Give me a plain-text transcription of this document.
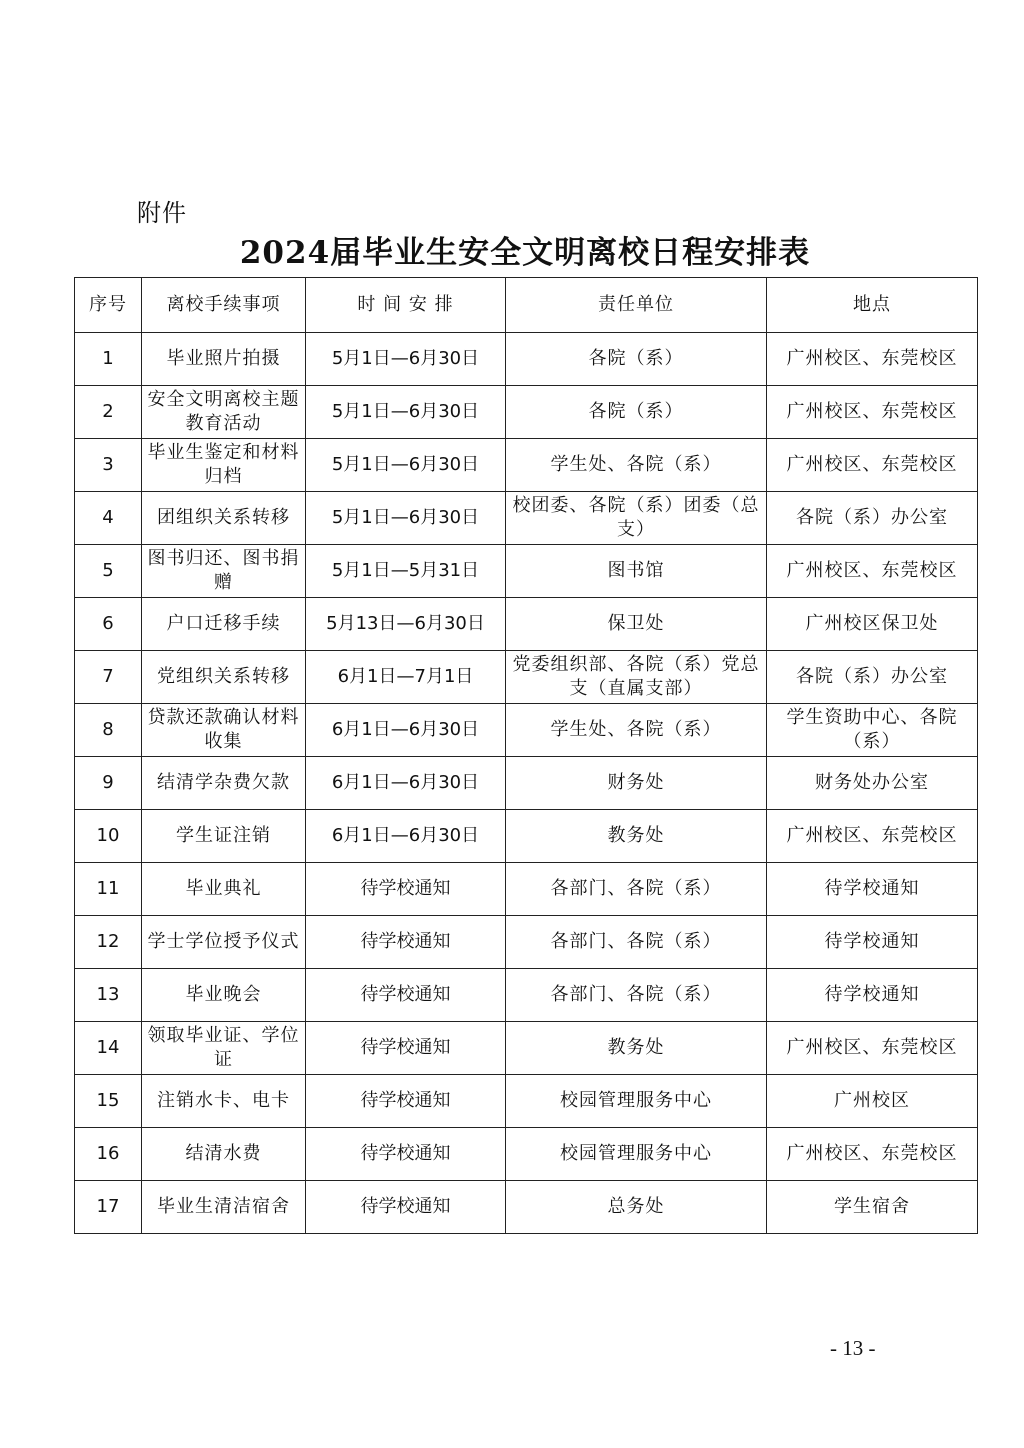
附件
2024届毕业生安全文明离校日程安排表
序号	离校手续事项	时 间 安 排	责任单位	地点
1	毕业照片拍摄	5月1日—6月30日	各院（系）	广州校区、东莞校区
2	安全文明离校主题教育活动	5月1日—6月30日	各院（系）	广州校区、东莞校区
3	毕业生鉴定和材料归档	5月1日—6月30日	学生处、各院（系）	广州校区、东莞校区
4	团组织关系转移	5月1日—6月30日	校团委、各院（系）团委（总支）	各院（系）办公室
5	图书归还、图书捐赠	5月1日—5月31日	图书馆	广州校区、东莞校区
6	户口迁移手续	5月13日—6月30日	保卫处	广州校区保卫处
7	党组织关系转移	6月1日—7月1日	党委组织部、各院（系）党总支（直属支部）	各院（系）办公室
8	贷款还款确认材料收集	6月1日—6月30日	学生处、各院（系）	学生资助中心、各院（系）
9	结清学杂费欠款	6月1日—6月30日	财务处	财务处办公室
10	学生证注销	6月1日—6月30日	教务处	广州校区、东莞校区
11	毕业典礼	待学校通知	各部门、各院（系）	待学校通知
12	学士学位授予仪式	待学校通知	各部门、各院（系）	待学校通知
13	毕业晚会	待学校通知	各部门、各院（系）	待学校通知
14	领取毕业证、学位证	待学校通知	教务处	广州校区、东莞校区
15	注销水卡、电卡	待学校通知	校园管理服务中心	广州校区
16	结清水费	待学校通知	校园管理服务中心	广州校区、东莞校区
17	毕业生清洁宿舍	待学校通知	总务处	学生宿舍
- 13 -
